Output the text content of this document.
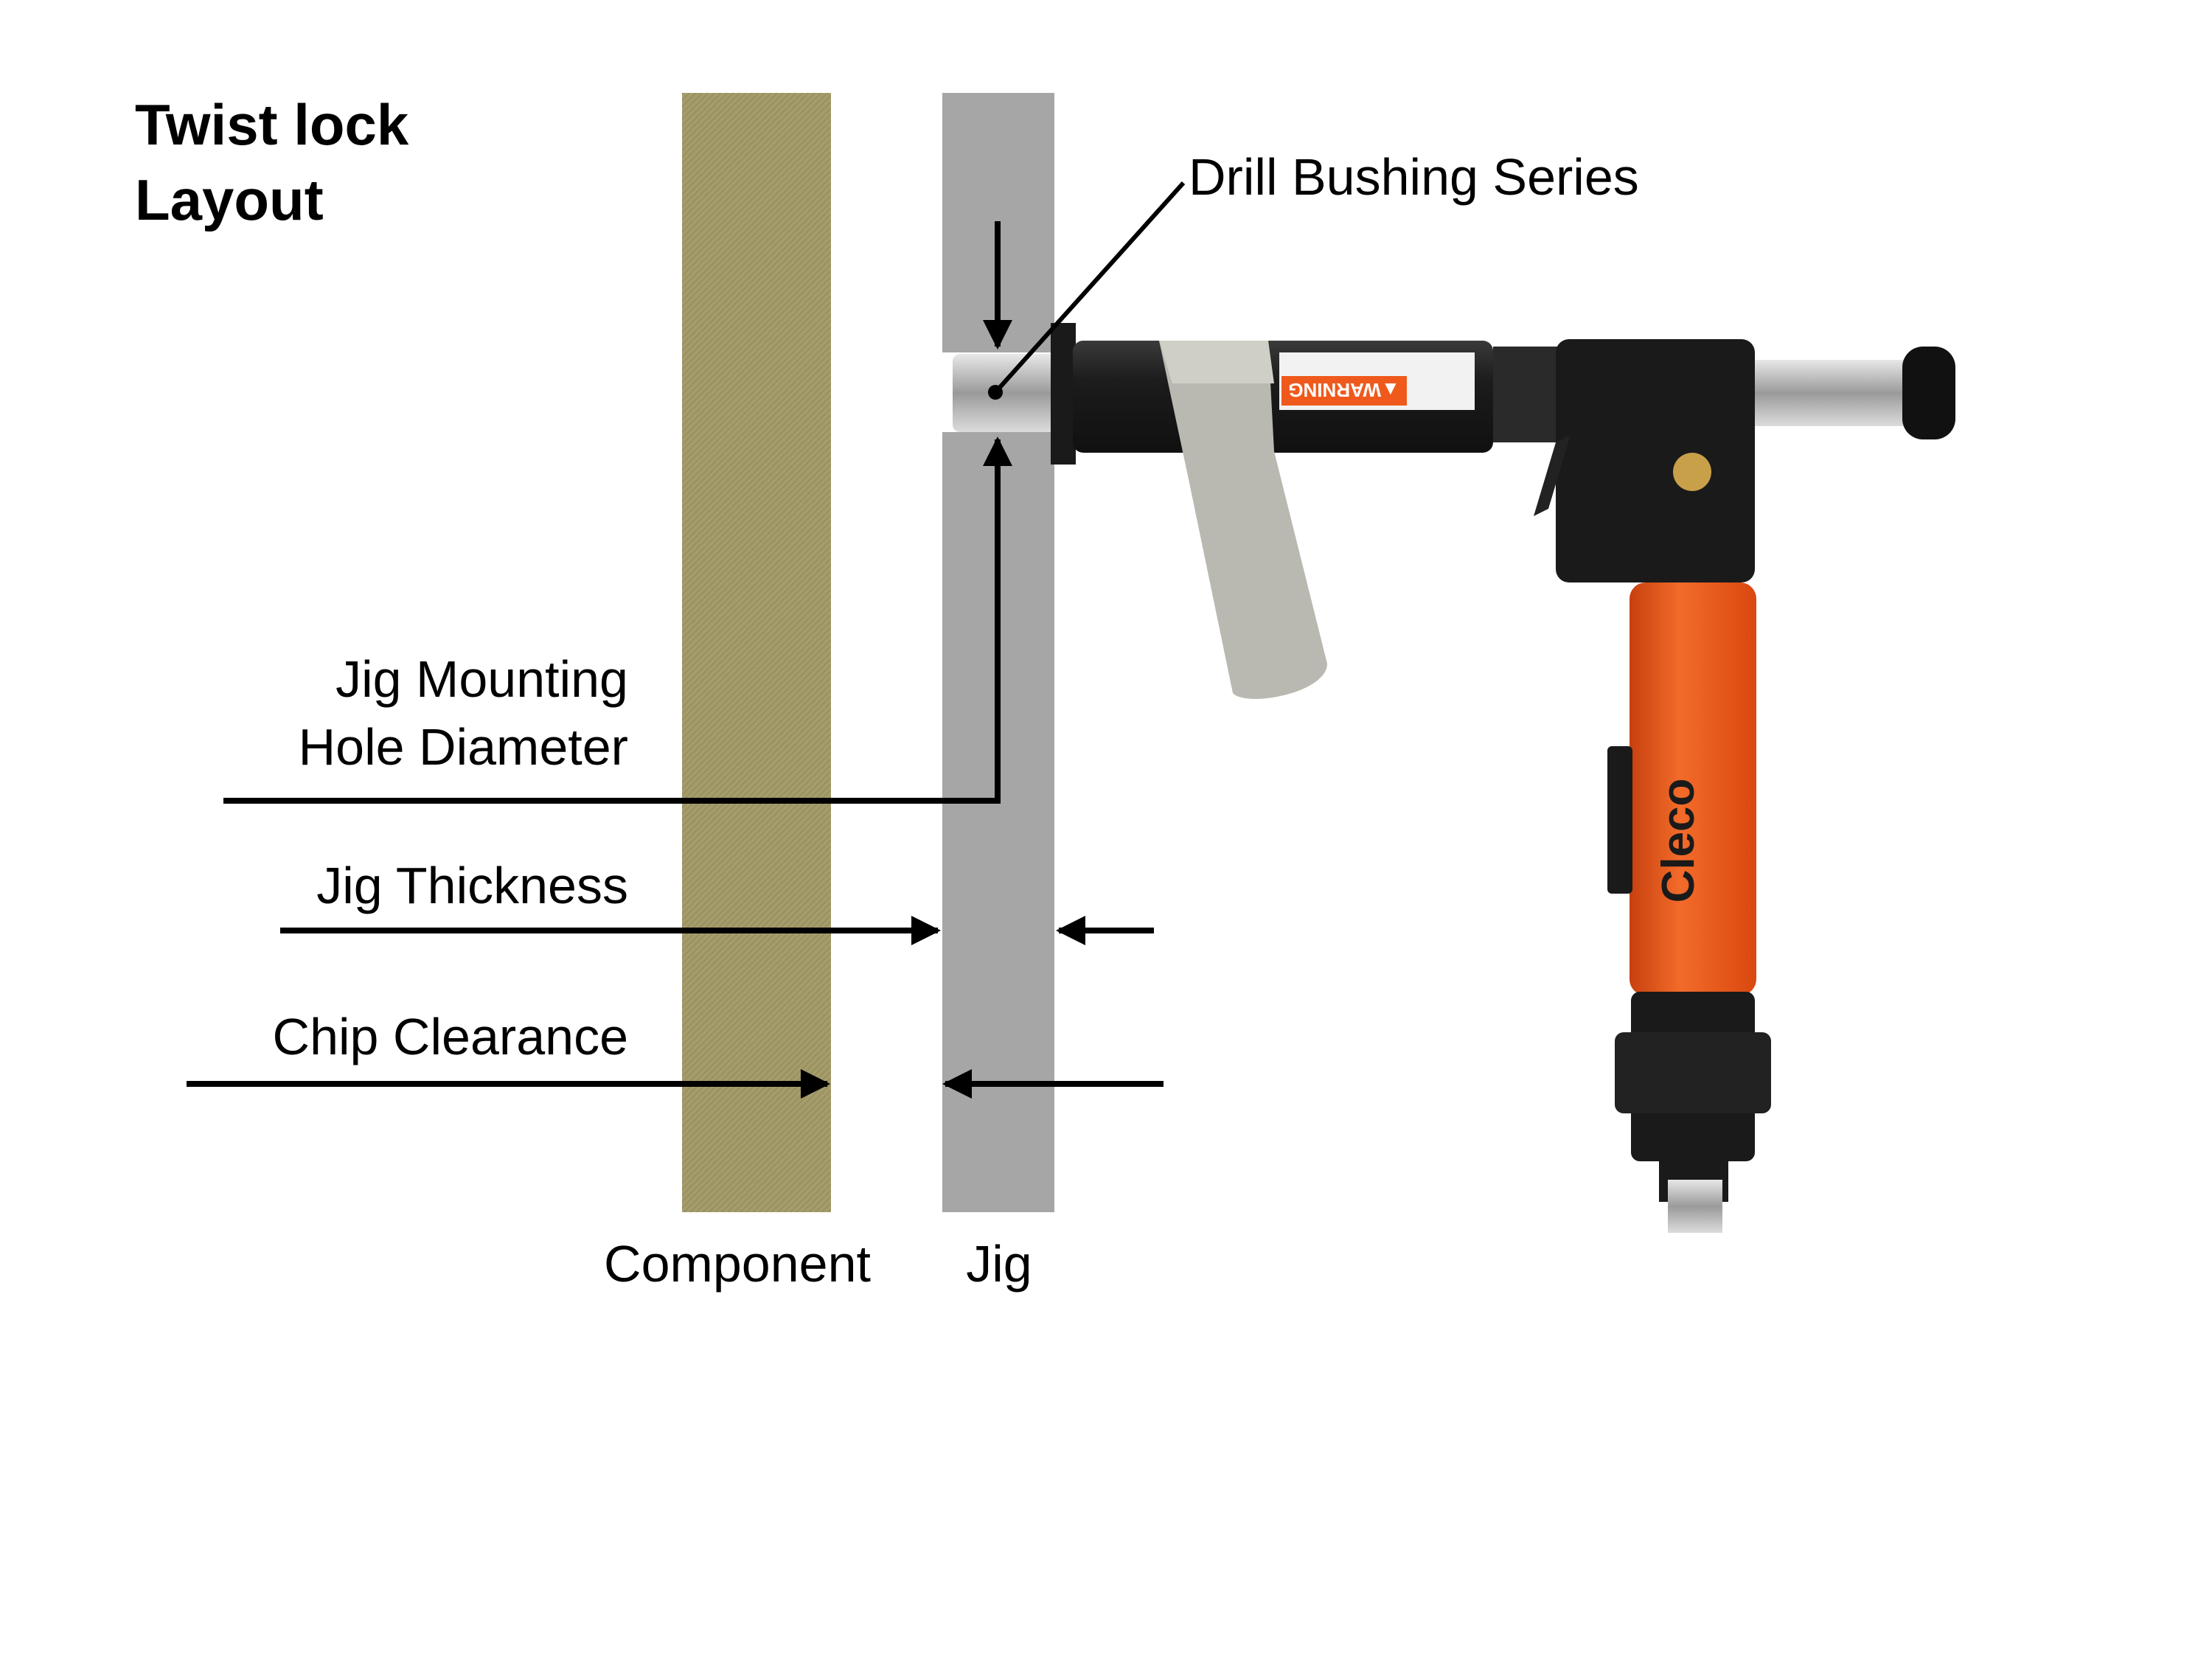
Twist lock
Layout
▲WARNING
Cleco
Drill Bushing Series
Jig Mounting
Hole Diameter
Jig Thickness
Chip Clearance
Component	Jig
